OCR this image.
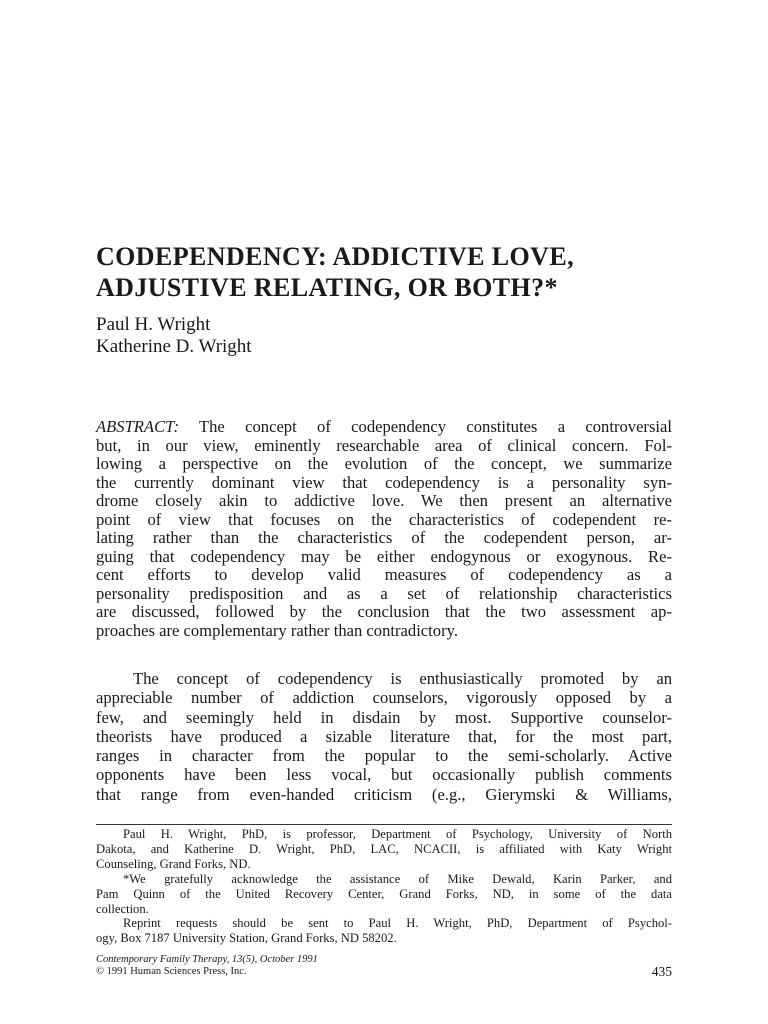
CODEPENDENCY: ADDICTIVE LOVE,
ADJUSTIVE RELATING, OR BOTH?*
Paul H. Wright
Katherine D. Wright
ABSTRACT: The concept of codependency constitutes a controversial
but, in our view, eminently researchable area of clinical concern. Fol-
lowing a perspective on the evolution of the concept, we summarize
the currently dominant view that codependency is a personality syn-
drome closely akin to addictive love. We then present an alternative
point of view that focuses on the characteristics of codependent re-
lating rather than the characteristics of the codependent person, ar-
guing that codependency may be either endogynous or exogynous. Re-
cent efforts to develop valid measures of codependency as a
personality predisposition and as a set of relationship characteristics
are discussed, followed by the conclusion that the two assessment ap-
proaches are complementary rather than contradictory.
The concept of codependency is enthusiastically promoted by an
appreciable number of addiction counselors, vigorously opposed by a
few, and seemingly held in disdain by most. Supportive counselor-
theorists have produced a sizable literature that, for the most part,
ranges in character from the popular to the semi-scholarly. Active
opponents have been less vocal, but occasionally publish comments
that range from even-handed criticism (e.g., Gierymski & Williams,
Paul H. Wright, PhD, is professor, Department of Psychology, University of North
Dakota, and Katherine D. Wright, PhD, LAC, NCACII, is affiliated with Katy Wright
Counseling, Grand Forks, ND.
*We gratefully acknowledge the assistance of Mike Dewald, Karin Parker, and
Pam Quinn of the United Recovery Center, Grand Forks, ND, in some of the data
collection.
Reprint requests should be sent to Paul H. Wright, PhD, Department of Psychol-
ogy, Box 7187 University Station, Grand Forks, ND 58202.
Contemporary Family Therapy, 13(5), October 1991
© 1991 Human Sciences Press, Inc.	435
